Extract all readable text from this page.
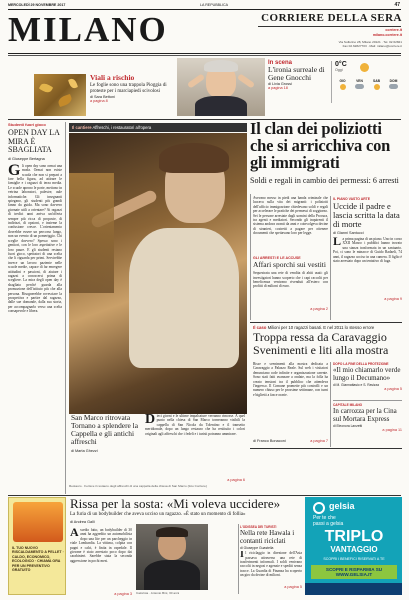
MERCOLEDÌ 29 NOVEMBRE 2017	LA REPUBBLICA	47
MILANO	CORRIERE DELLA SERA
corriere.it
milano.corriere.it
Via Solferino 28, Milano 20121 · Tel. 02.62821
Fax 02.62827703 · Mail: milano@corriere.it
Viali a rischio
Le foglie sono una trappola Pioggia di proteste per i marciapiedi scivolosi
di Sara Bettoni
a pagina 8
In scena
L'ironia surreale di Gene Gnocchi
di Livia Grossi
a pagina 18
0°C
Oggi
GIO	VEN	SAB	DOM
Studenti fuori gioco
OPEN DAY LA MIRA È SBAGLIATA
di Giuseppe Bertagna
Gli open day sono ormai una moda. Ormai non esiste scuola che non si prepari a fare bella figura, ad attirare le famiglie e i ragazzi di terza media. Le scuole aprono le porte, mettono in vetrina laboratori, palestre, aule informatiche. Gli insegnanti spiegano, gli studenti più grandi fanno da guida. Ma sono davvero giornate utili a orientare? Ai ragazzi di tredici anni arriva un'offerta sempre più ricca di proposte, di indirizzi, di opzioni, e insieme la confusione cresce. L'orientamento dovrebbe essere un percorso lungo, non un evento di un pomeriggio. Chi sceglie davvero? Spesso sono i genitori, con le loro aspettative e le loro paure. E gli studenti restano fuori gioco, spettatori di una scelta che li riguarda per primi. Servirebbe invece un lavoro paziente nelle scuole medie, capace di far emergere attitudini e passioni, di aiutare i ragazzi a conoscersi prima di scegliere. La mira degli open day è sbagliata perché guarda alla promozione dell'istituto più che alla persona. Bisognerebbe rovesciare la prospettiva e partire dal ragazzo, dalle sue domande, dalla sua storia, per accompagnarlo verso una scelta consapevole e libera.
Il cantiere Affreschi, i restauratori all'opera
San Marco ritrovata Tornano a splendere la Cappella e gli antichi affreschi
di Marta Ghezzi
Dieci giorni e le ultime impalcature verranno rimosse. A quel punto nella chiesa di San Marco torneranno visibili la cappella di San Nicola da Tolentino e il transetto meridionale, dopo un lungo restauro che ha restituito i colori originali agli affreschi che i fedeli e i turisti potranno ammirare.
a pagina 6
Restauro · Ferisce il restauro degli affreschi di una cappella della chiesa di San Marco (foto Corriere)
Il clan dei poliziotti che si arricchiva con gli immigrati
Soldi e regali in cambio dei permessi: 6 arresti
Avevano messo in piedi una banda criminale che lucrava sulla vita dei migranti: i poliziotti dell'ufficio immigrazione chiedevano soldi e regali per accelerare le pratiche dei permessi di soggiorno. Sei le persone arrestate dagli uomini della Procura, tra agenti e mediatori. Secondo gli inquirenti il sistema andava avanti da anni e coinvolgeva decine di stranieri, costretti a pagare per ottenere documenti che spettavano loro per legge.
GLI ARRESTI E LE ACCUSE
Affari sporchi sui vestiti
Sequestrata una rete di vendita di abiti usati: gli investigatori hanno scoperto che i capi raccolti per beneficenza venivano rivenduti all'estero con profitti di milioni di euro.
a pagina 2
IL PIANO VASTO ARTE
Uccide il padre e lascia scritta la data di morte
di Gianni Santucci
La prima pagina di un piano. Uno in corso XXII Marzo: i pubblici hanno trovato una stanza trasformata in un santuario. Poi, ci sono le minacce di Guido Radaeli, 74 anni, il ragazzo ucciso in una camera. Il figlio è stato arrestato dopo un tentativo di fuga.
a pagina 9
Il caso Milioni per 10 ragazzi basati. E nel 2011 lo stesso errore
Troppa ressa da Caravaggio Svenimenti e liti alla mostra
Risse e svenimenti alla mostra dedicata a Caravaggio a Palazzo Reale. Sul web i visitatori denunciano code infinite e organizzazione carente. Sono stati fatti avanzare a ondate, ma la folla ha creato tensioni tra il pubblico che attendeva l'ingresso. Il Comune promette più controlli e un numero chiuso per le prossime settimane, con turni e biglietti a fasce orarie.
di Franco Bonaconi	a pagina 7
DOPO LA FINE DELLA PROTEZIONE
«Il mio chiamarlo verde lungo il Decumano»
di M. Giannattasio e S. Ravizza
a pagina 5
CAPITALE MILANO
In carrozza per la Cina sul Mortara Express
di Eleonora Lanzetti
a pagina 11
Rissa per la sosta: «Mi voleva uccidere»
La furia di un bodybuilder che aveva ucciso un ragazzo. «È stato un momento di follia»
di Andrea Galli
Assedio fatto, un bodybuilder di 30 anni ha aggredito un automobilista dopo una lite per un parcheggio in viale Lombardia. La vittima, colpita con pugni e calci, è finita in ospedale. Il giovane è stato arrestato poco dopo dai carabinieri. Sarebbe stata la seconda aggressione in pochi mesi.
Calorista · Antonio Bini, 30 anni
a pagina 3
L'ODISSEA DEI TURISTI
Nella rete Hawala i contanti riciclati
di Giuseppe Guastella
Il riciclaggio in direzione dell'Asia passava attraverso una rete di trasferimenti informali. I soldi venivano raccolti in negozi e agenzie e spediti senza tracce. La Guardia di Finanza ha scoperto un giro da decine di milioni.
a pagina 5
IL TUO NUOVO RISCALDAMENTO A PELLET · CALDO, ECONOMICO, ECOLOGICO · CHIAMA ORA PER UN PREVENTIVO GRATUITO
gelsia
Per te che
passi a gelsia
TRIPLO
VANTAGGIO
SCOPRI I BENEFICI RISERVATI A TE
SCOPRI E RISPARMIA SU WWW.GELSIA.IT
